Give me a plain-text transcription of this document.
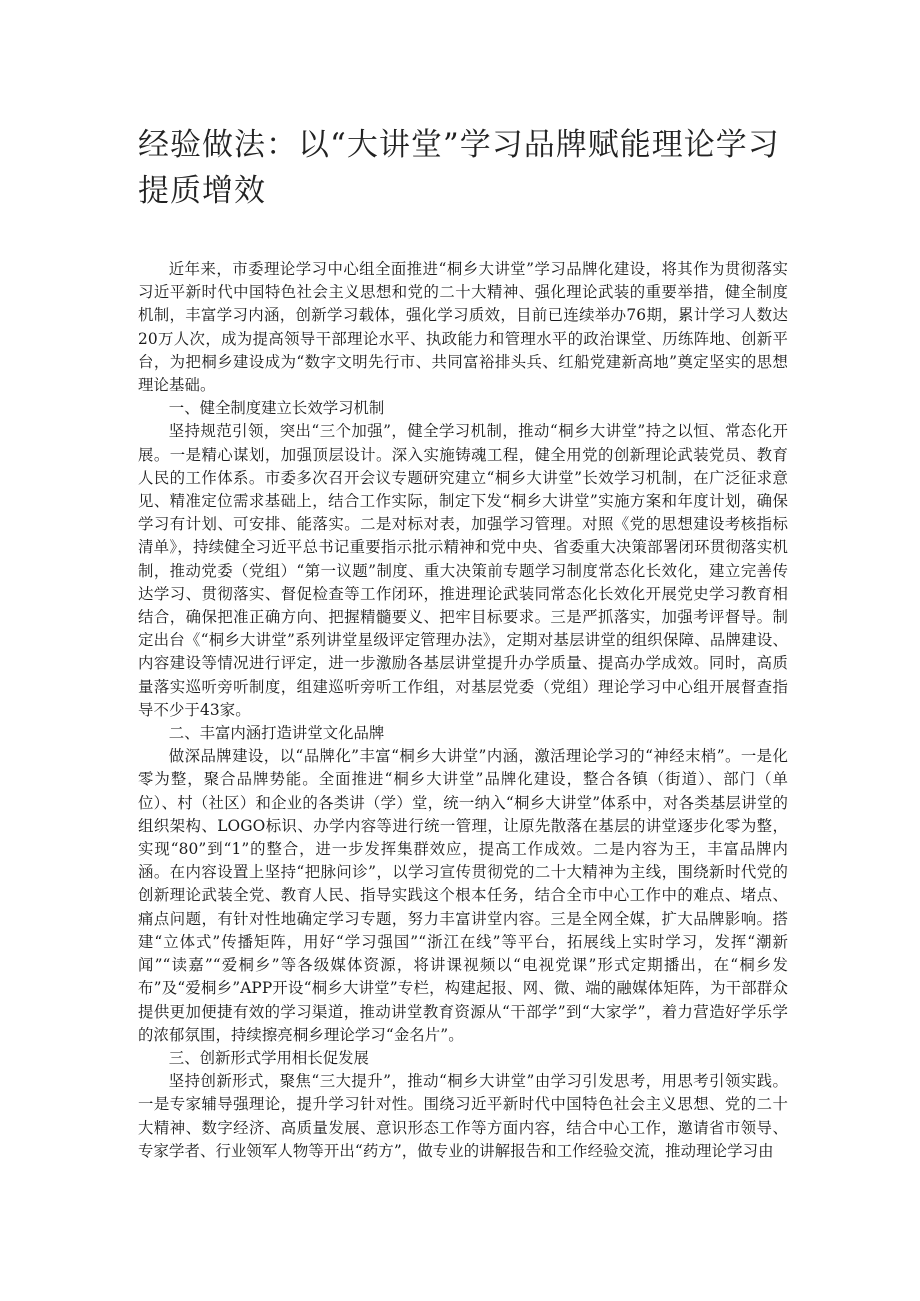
经验做法：以“大讲堂”学习品牌赋能理论学习提质增效

近年来，市委理论学习中心组全面推进“桐乡大讲堂”学习品牌化建设，将其作为贯彻落实习近平新时代中国特色社会主义思想和党的二十大精神、强化理论武装的重要举措，健全制度机制，丰富学习内涵，创新学习载体，强化学习质效，目前已连续举办76期，累计学习人数达20万人次，成为提高领导干部理论水平、执政能力和管理水平的政治课堂、历练阵地、创新平台，为把桐乡建设成为“数字文明先行市、共同富裕排头兵、红船党建新高地”奠定坚实的思想理论基础。

一、健全制度建立长效学习机制

坚持规范引领，突出“三个加强”，健全学习机制，推动“桐乡大讲堂”持之以恒、常态化开展。一是精心谋划，加强顶层设计。深入实施铸魂工程，健全用党的创新理论武装党员、教育人民的工作体系。市委多次召开会议专题研究建立“桐乡大讲堂”长效学习机制，在广泛征求意见、精准定位需求基础上，结合工作实际，制定下发“桐乡大讲堂”实施方案和年度计划，确保学习有计划、可安排、能落实。二是对标对表，加强学习管理。对照《党的思想建设考核指标清单》，持续健全习近平总书记重要指示批示精神和党中央、省委重大决策部署闭环贯彻落实机制，推动党委（党组）“第一议题”制度、重大决策前专题学习制度常态化长效化，建立完善传达学习、贯彻落实、督促检查等工作闭环，推进理论武装同常态化长效化开展党史学习教育相结合，确保把准正确方向、把握精髓要义、把牢目标要求。三是严抓落实，加强考评督导。制定出台《“桐乡大讲堂”系列讲堂星级评定管理办法》，定期对基层讲堂的组织保障、品牌建设、内容建设等情况进行评定，进一步激励各基层讲堂提升办学质量、提高办学成效。同时，高质量落实巡听旁听制度，组建巡听旁听工作组，对基层党委（党组）理论学习中心组开展督查指导不少于43家。

二、丰富内涵打造讲堂文化品牌

做深品牌建设，以“品牌化”丰富“桐乡大讲堂”内涵，激活理论学习的“神经末梢”。一是化零为整，聚合品牌势能。全面推进“桐乡大讲堂”品牌化建设，整合各镇（街道）、部门（单位）、村（社区）和企业的各类讲（学）堂，统一纳入“桐乡大讲堂”体系中，对各类基层讲堂的组织架构、LOGO标识、办学内容等进行统一管理，让原先散落在基层的讲堂逐步化零为整，实现“80”到“1”的整合，进一步发挥集群效应，提高工作成效。二是内容为王，丰富品牌内涵。在内容设置上坚持“把脉问诊”，以学习宣传贯彻党的二十大精神为主线，围绕新时代党的创新理论武装全党、教育人民、指导实践这个根本任务，结合全市中心工作中的难点、堵点、痛点问题，有针对性地确定学习专题，努力丰富讲堂内容。三是全网全媒，扩大品牌影响。搭建“立体式”传播矩阵，用好“学习强国”“浙江在线”等平台，拓展线上实时学习，发挥“潮新闻”“读嘉”“爱桐乡”等各级媒体资源，将讲课视频以“电视党课”形式定期播出，在“桐乡发布”及“爱桐乡”APP开设“桐乡大讲堂”专栏，构建起报、网、微、端的融媒体矩阵，为干部群众提供更加便捷有效的学习渠道，推动讲堂教育资源从“干部学”到“大家学”，着力营造好学乐学的浓郁氛围，持续擦亮桐乡理论学习“金名片”。

三、创新形式学用相长促发展

坚持创新形式，聚焦“三大提升”，推动“桐乡大讲堂”由学习引发思考，用思考引领实践。一是专家辅导强理论，提升学习针对性。围绕习近平新时代中国特色社会主义思想、党的二十大精神、数字经济、高质量发展、意识形态工作等方面内容，结合中心工作，邀请省市领导、专家学者、行业领军人物等开出“药方”，做专业的讲解报告和工作经验交流，推动理论学习由
